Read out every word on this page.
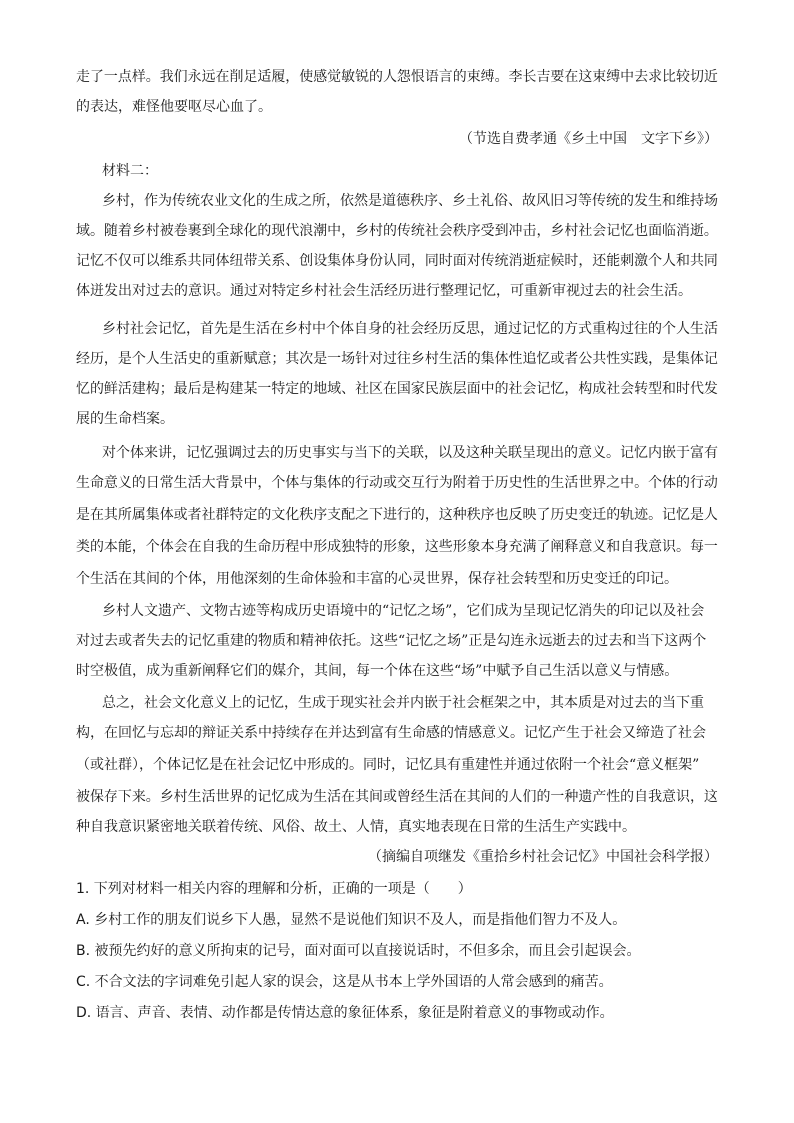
走了一点样。我们永远在削足适履，使感觉敏锐的人怨恨语言的束缚。李长吉要在这束缚中去求比较切近
的表达，难怪他要呕尽心血了。
（节选自费孝通《乡土中国　文字下乡》）
材料二：
乡村，作为传统农业文化的生成之所，依然是道德秩序、乡土礼俗、故风旧习等传统的发生和维持场
域。随着乡村被卷裹到全球化的现代浪潮中，乡村的传统社会秩序受到冲击，乡村社会记忆也面临消逝。
记忆不仅可以维系共同体纽带关系、创设集体身份认同，同时面对传统消逝症候时，还能刺激个人和共同
体迸发出对过去的意识。通过对特定乡村社会生活经历进行整理记忆，可重新审视过去的社会生活。
乡村社会记忆，首先是生活在乡村中个体自身的社会经历反思，通过记忆的方式重构过往的个人生活
经历，是个人生活史的重新赋意；其次是一场针对过往乡村生活的集体性追忆或者公共性实践，是集体记
忆的鲜活建构；最后是构建某一特定的地域、社区在国家民族层面中的社会记忆，构成社会转型和时代发
展的生命档案。
对个体来讲，记忆强调过去的历史事实与当下的关联，以及这种关联呈现出的意义。记忆内嵌于富有
生命意义的日常生活大背景中，个体与集体的行动或交互行为附着于历史性的生活世界之中。个体的行动
是在其所属集体或者社群特定的文化秩序支配之下进行的，这种秩序也反映了历史变迁的轨迹。记忆是人
类的本能，个体会在自我的生命历程中形成独特的形象，这些形象本身充满了阐释意义和自我意识。每一
个生活在其间的个体，用他深刻的生命体验和丰富的心灵世界，保存社会转型和历史变迁的印记。
乡村人文遗产、文物古迹等构成历史语境中的“记忆之场”，它们成为呈现记忆消失的印记以及社会
对过去或者失去的记忆重建的物质和精神依托。这些“记忆之场”正是勾连永远逝去的过去和当下这两个
时空极值，成为重新阐释它们的媒介，其间，每一个体在这些“场”中赋予自己生活以意义与情感。
总之，社会文化意义上的记忆，生成于现实社会并内嵌于社会框架之中，其本质是对过去的当下重
构，在回忆与忘却的辩证关系中持续存在并达到富有生命感的情感意义。记忆产生于社会又缔造了社会
（或社群），个体记忆是在社会记忆中形成的。同时，记忆具有重建性并通过依附一个社会“意义框架”
被保存下来。乡村生活世界的记忆成为生活在其间或曾经生活在其间的人们的一种遗产性的自我意识，这
种自我意识紧密地关联着传统、风俗、故土、人情，真实地表现在日常的生活生产实践中。
（摘编自项继发《重拾乡村社会记忆》中国社会科学报）
1. 下列对材料一相关内容的理解和分析，正确的一项是（　　）
A. 乡村工作的朋友们说乡下人愚，显然不是说他们知识不及人，而是指他们智力不及人。
B. 被预先约好的意义所拘束的记号，面对面可以直接说话时，不但多余，而且会引起误会。
C. 不合文法的字词难免引起人家的误会，这是从书本上学外国语的人常会感到的痛苦。
D. 语言、声音、表情、动作都是传情达意的象征体系，象征是附着意义的事物或动作。
